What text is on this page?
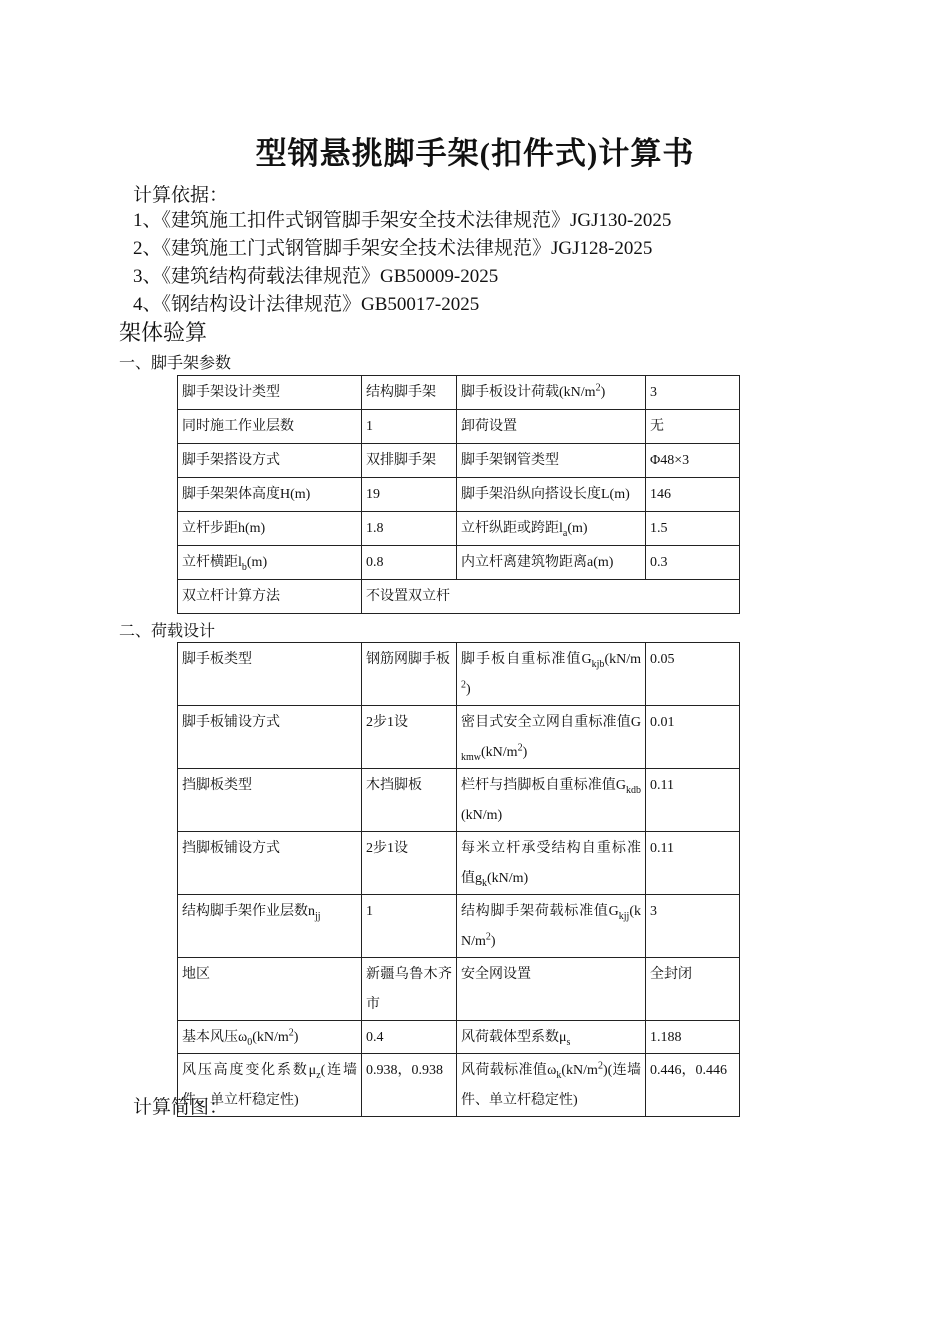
型钢悬挑脚手架(扣件式)计算书
计算依据：
1、《建筑施工扣件式钢管脚手架安全技术法律规范》JGJ130-2025
2、《建筑施工门式钢管脚手架安全技术法律规范》JGJ128-2025
3、《建筑结构荷载法律规范》GB50009-2025
4、《钢结构设计法律规范》GB50017-2025
架体验算
一、脚手架参数
脚手架设计类型	结构脚手架	脚手板设计荷载$(kN/m^2)$	3
同时施工作业层数	1	卸荷设置	无
脚手架搭设方式	双排脚手架	脚手架钢管类型	Φ48×3
脚手架架体高度H(m)	19	脚手架沿纵向搭设长度L(m)	146
立杆步距h(m)	1.8	立杆纵距或跨距$l_a(m)$	1.5
立杆横距$l_b(m)$	0.8	内立杆离建筑物距离a(m)	0.3
双立杆计算方法	不设置双立杆		
二、荷载设计
脚手板类型	钢筋网脚手板	脚手板自重标准值$G_{kjb}(kN/m^2)$	0.05
脚手板铺设方式	2步1设	密目式安全立网自重标准值$G_{kmw}(kN/m^2)$	0.01
挡脚板类型	木挡脚板	栏杆与挡脚板自重标准值$G_{kdb}(kN/m)$	0.11
挡脚板铺设方式	2步1设	每米立杆承受结构自重标准值$g_k(kN/m)$	0.11
结构脚手架作业层数$n_{jj}$	1	结构脚手架荷载标准值$G_{kjj}(kN/m^2)$	3
地区	新疆乌鲁木齐市	安全网设置	全封闭
基本风压$\omega_0(kN/m^2)$	0.4	风荷载体型系数$\mu_s$	1.188
风压高度变化系数$\mu_z$(连墙件、单立杆稳定性)	0.938，0.938	风荷载标准值$\omega_k(kN/m^2)$(连墙件、单立杆稳定性)	0.446，0.446
计算简图：
